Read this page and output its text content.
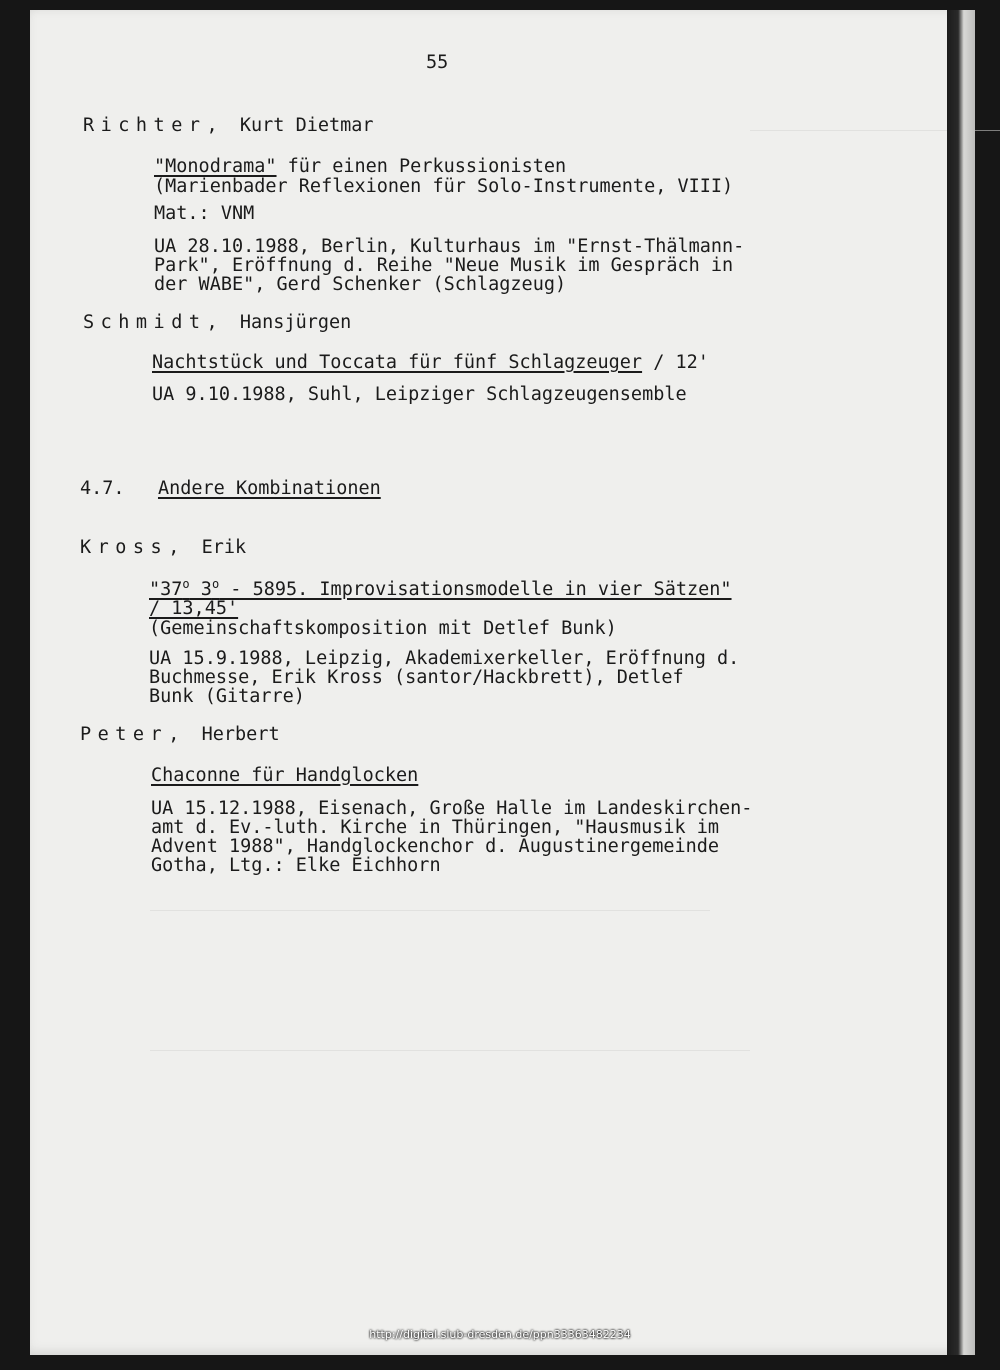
55

Richter,  Kurt Dietmar

"Monodrama" für einen Perkussionisten

(Marienbader Reflexionen für Solo-Instrumente, VIII)

Mat.: VNM

UA 28.10.1988, Berlin, Kulturhaus im "Ernst-Thälmann-

Park", Eröffnung d. Reihe "Neue Musik im Gespräch in

der WABE", Gerd Schenker (Schlagzeug)

Schmidt,  Hansjürgen

Nachtstück und Toccata für fünf Schlagzeuger / 12'

UA 9.10.1988, Suhl, Leipziger Schlagzeugensemble

4.7. Andere Kombinationen

Kross,  Erik

"37$^o$ 3$^o$ - 5895. Improvisationsmodelle in vier Sätzen"

/ 13,45'

(Gemeinschaftskomposition mit Detlef Bunk)

UA 15.9.1988, Leipzig, Akademixerkeller, Eröffnung d.

Buchmesse, Erik Kross (santor/Hackbrett), Detlef

Bunk (Gitarre)

Peter,  Herbert

Chaconne für Handglocken

UA 15.12.1988, Eisenach, Große Halle im Landeskirchen-

amt d. Ev.-luth. Kirche in Thüringen, "Hausmusik im

Advent 1988", Handglockenchor d. Augustinergemeinde

Gotha, Ltg.: Elke Eichhorn

http://digital.slub-dresden.de/ppn33363482234
